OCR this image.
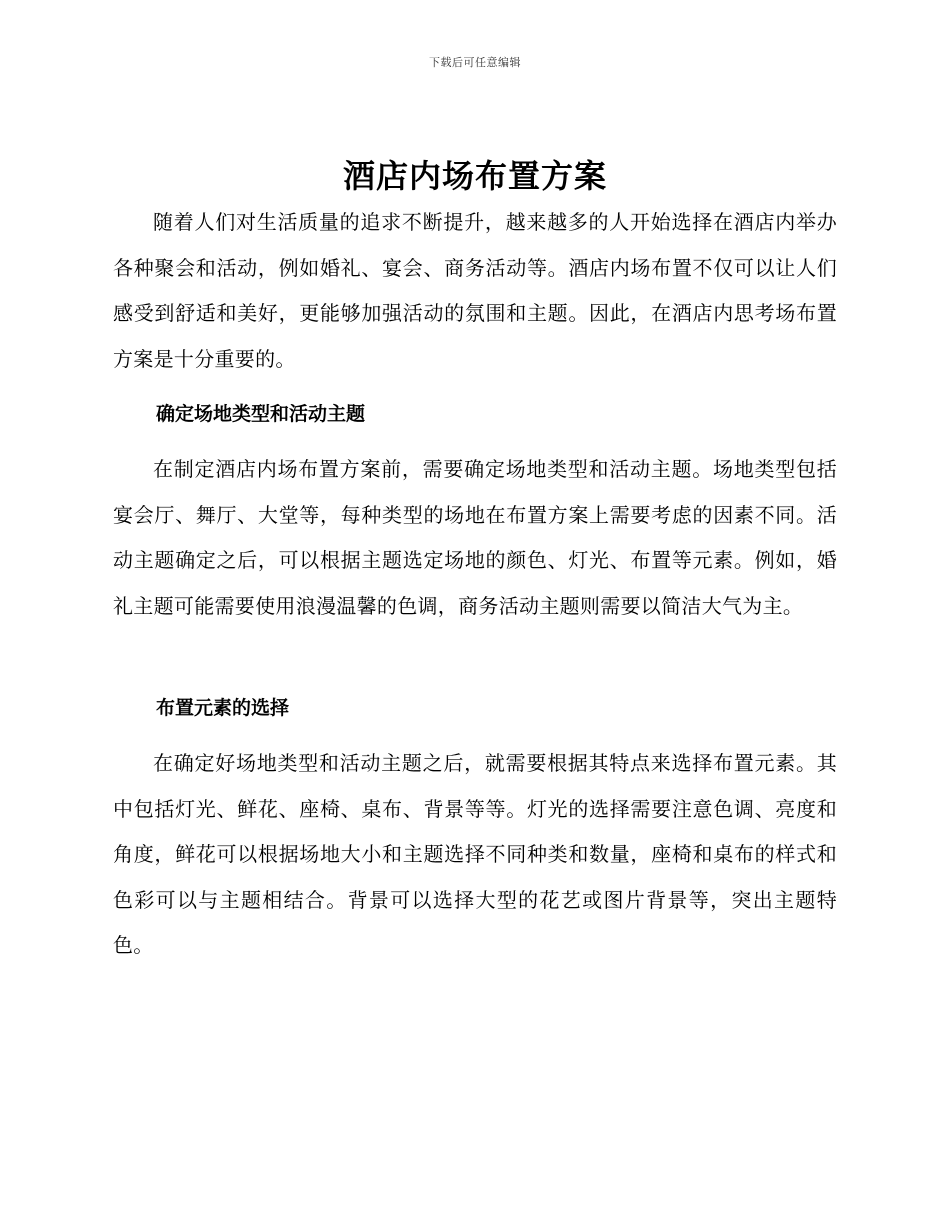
下载后可任意编辑
酒店内场布置方案

随着人们对生活质量的追求不断提升，越来越多的人开始选择在酒店内举办各种聚会和活动，例如婚礼、宴会、商务活动等。酒店内场布置不仅可以让人们感受到舒适和美好，更能够加强活动的氛围和主题。因此，在酒店内思考场布置方案是十分重要的。

确定场地类型和活动主题

在制定酒店内场布置方案前，需要确定场地类型和活动主题。场地类型包括宴会厅、舞厅、大堂等，每种类型的场地在布置方案上需要考虑的因素不同。活动主题确定之后，可以根据主题选定场地的颜色、灯光、布置等元素。例如，婚礼主题可能需要使用浪漫温馨的色调，商务活动主题则需要以简洁大气为主。

布置元素的选择

在确定好场地类型和活动主题之后，就需要根据其特点来选择布置元素。其中包括灯光、鲜花、座椅、桌布、背景等等。灯光的选择需要注意色调、亮度和角度，鲜花可以根据场地大小和主题选择不同种类和数量，座椅和桌布的样式和色彩可以与主题相结合。背景可以选择大型的花艺或图片背景等，突出主题特色。
